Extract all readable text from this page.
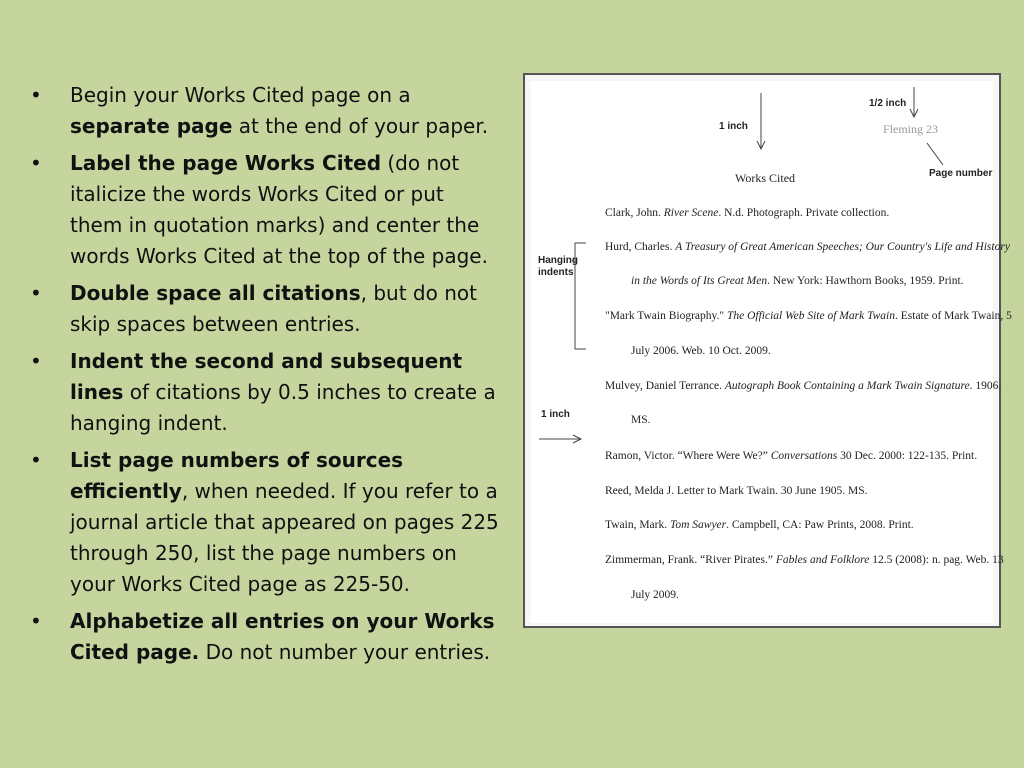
• Begin your Works Cited page on a separate page at the end of your paper.
• Label the page Works Cited (do not italicize the words Works Cited or put them in quotation marks) and center the words Works Cited at the top of the page.
• Double space all citations, but do not skip spaces between entries.
• Indent the second and subsequent lines of citations by 0.5 inches to create a hanging indent.
• List page numbers of sources efficiently, when needed. If you refer to a journal article that appeared on pages 225 through 250, list the page numbers on your Works Cited page as 225-50.
• Alphabetize all entries on your Works Cited page. Do not number your entries.
1/2 inch
1 inch	Fleming 23
Page number
Works Cited
Hanging indents
1 inch
Clark, John. River Scene. N.d. Photograph. Private collection.
Hurd, Charles. A Treasury of Great American Speeches; Our Country's Life and History
in the Words of Its Great Men. New York: Hawthorn Books, 1959. Print.
"Mark Twain Biography." The Official Web Site of Mark Twain. Estate of Mark Twain, 5
July 2006. Web. 10 Oct. 2009.
Mulvey, Daniel Terrance. Autograph Book Containing a Mark Twain Signature. 1906.
MS.
Ramon, Victor. “Where Were We?” Conversations 30 Dec. 2000: 122-135. Print.
Reed, Melda J. Letter to Mark Twain. 30 June 1905. MS.
Twain, Mark. Tom Sawyer. Campbell, CA: Paw Prints, 2008. Print.
Zimmerman, Frank. “River Pirates.” Fables and Folklore 12.5 (2008): n. pag. Web. 13
July 2009.
